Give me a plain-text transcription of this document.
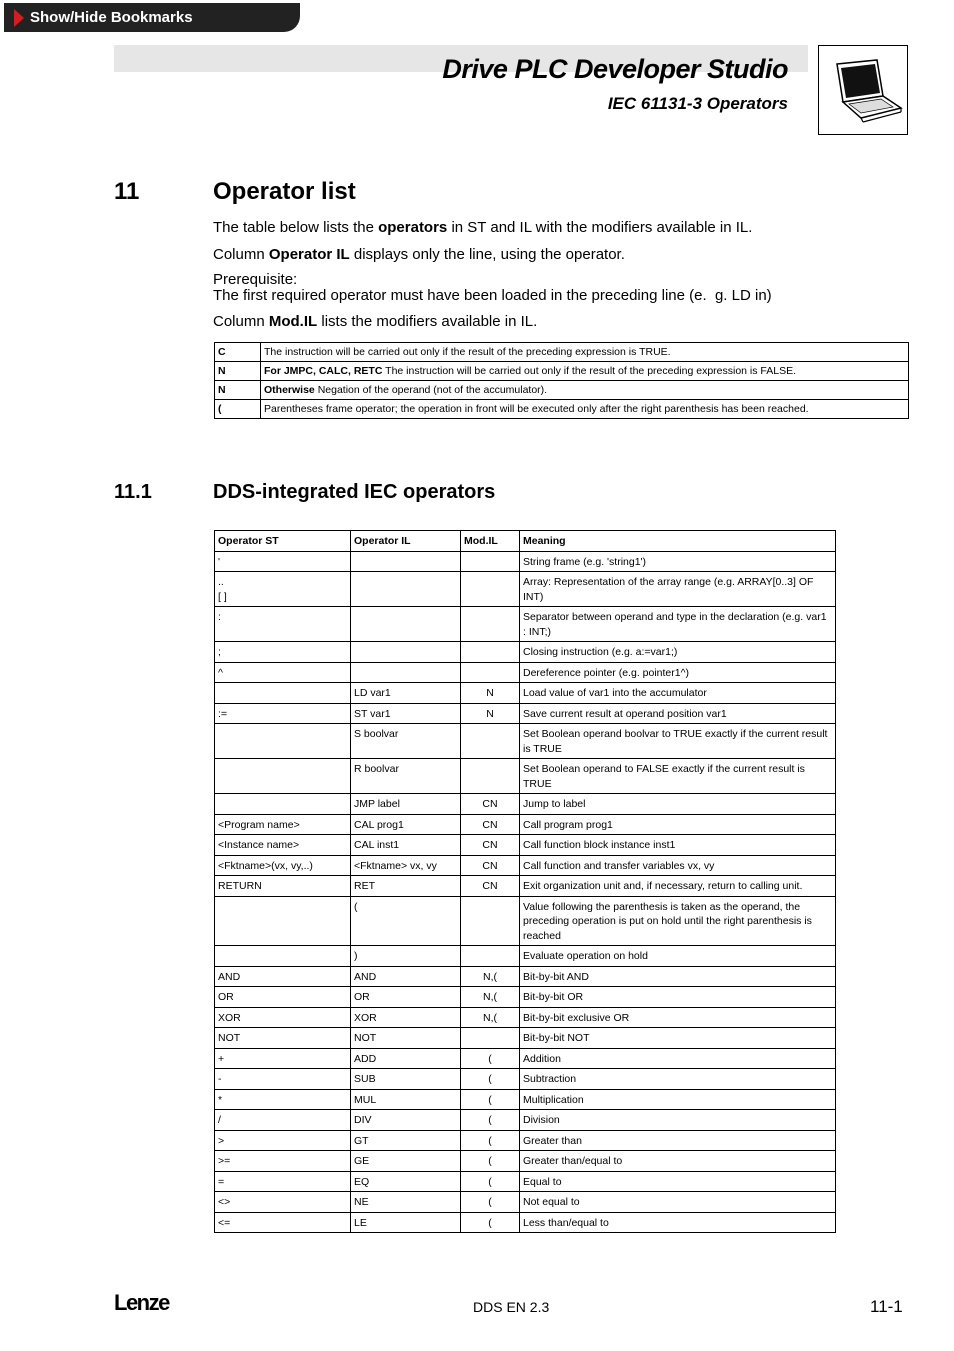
Show/Hide Bookmarks
Drive PLC Developer Studio
IEC 61131-3 Operators
11	Operator list
The table below lists the operators in ST and IL with the modifiers available in IL.
Column Operator IL displays only the line, using the operator.
Prerequisite:
The first required operator must have been loaded in the preceding line (e.  g. LD in)
Column Mod.IL lists the modifiers available in IL.
C	The instruction will be carried out only if the result of the preceding expression is TRUE.
N	For JMPC, CALC, RETC The instruction will be carried out only if the result of the preceding expression is FALSE.
N	Otherwise Negation of the operand (not of the accumulator).
(	Parentheses frame operator; the operation in front will be executed only after the right parenthesis has been reached.
11.1	DDS-integrated IEC operators
Operator ST	Operator IL	Mod.IL	Meaning
'			String frame (e.g. 'string1')
..
[ ]			Array: Representation of the array range (e.g. ARRAY[0..3] OF INT)
:			Separator between operand and type in the declaration (e.g. var1 : INT;)
;			Closing instruction (e.g. a:=var1;)
^			Dereference pointer (e.g. pointer1^)
	LD var1	N	Load value of var1 into the accumulator
:=	ST var1	N	Save current result at operand position var1
	S boolvar		Set Boolean operand boolvar to TRUE exactly if the current result is TRUE
	R boolvar		Set Boolean operand to FALSE exactly if the current result is TRUE
	JMP label	CN	Jump to label
<Program name>	CAL prog1	CN	Call program prog1
<Instance name>	CAL inst1	CN	Call function block instance inst1
<Fktname>(vx, vy,..)	<Fktname> vx, vy	CN	Call function and transfer variables vx, vy
RETURN	RET	CN	Exit organization unit and, if necessary, return to calling unit.
	(		Value following the parenthesis is taken as the operand, the preceding operation is put on hold until the right parenthesis is reached
	)		Evaluate operation on hold
AND	AND	N,(	Bit-by-bit AND
OR	OR	N,(	Bit-by-bit OR
XOR	XOR	N,(	Bit-by-bit exclusive OR
NOT	NOT		Bit-by-bit NOT
+	ADD	(	Addition
-	SUB	(	Subtraction
*	MUL	(	Multiplication
/	DIV	(	Division
>	GT	(	Greater than
>=	GE	(	Greater than/equal to
=	EQ	(	Equal to
<>	NE	(	Not equal to
<=	LE	(	Less than/equal to
Lenze	DDS EN 2.3	11-1
